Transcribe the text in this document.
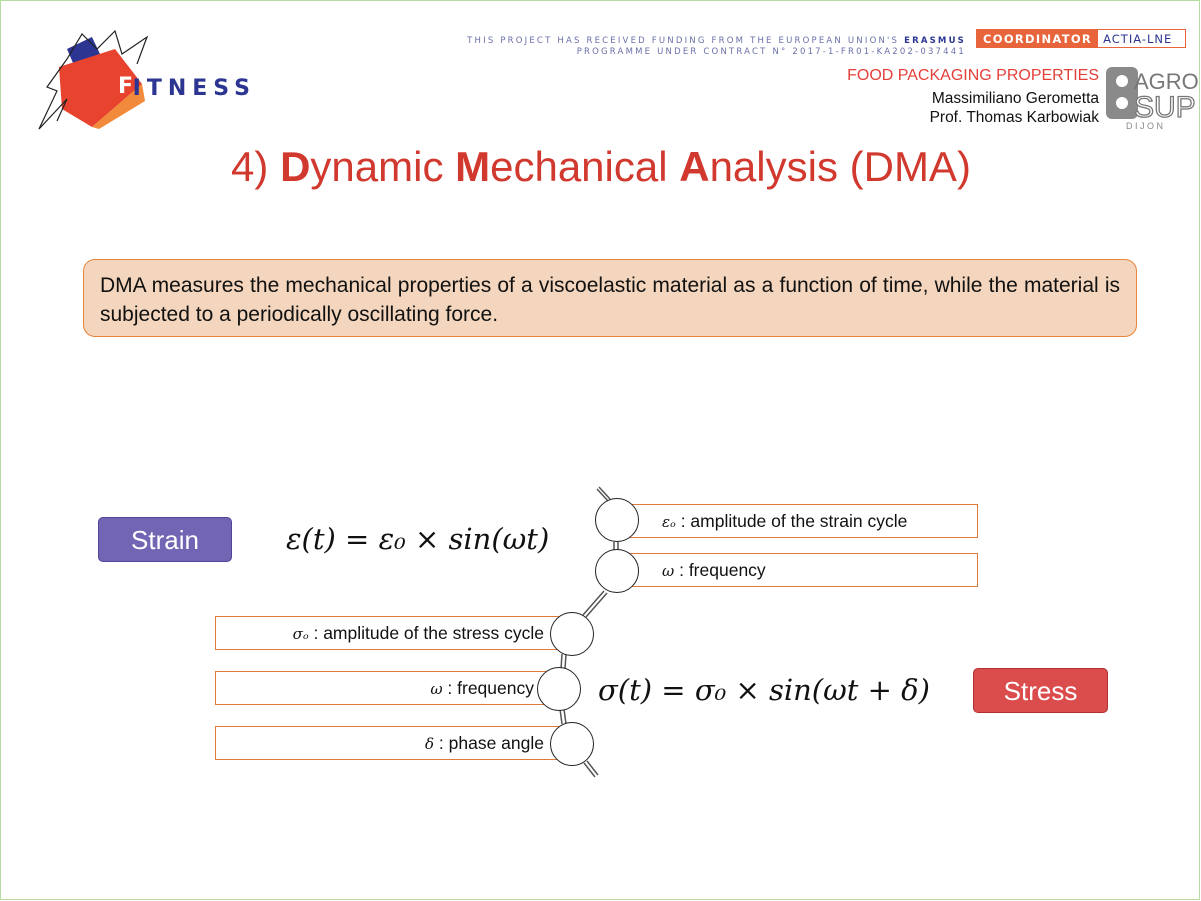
F ITNESS
THIS PROJECT HAS RECEIVED FUNDING FROM THE EUROPEAN UNION'S ERASMUS
PROGRAMME UNDER CONTRACT N° 2017-1-FR01-KA202-037441
COORDINATOR ACTIA-LNE
FOOD PACKAGING PROPERTIES
Massimiliano Gerometta
Prof. Thomas Karbowiak
AGRO
SUP
D I J O N
4) Dynamic Mechanical Analysis (DMA)
DMA measures the mechanical properties of a viscoelastic material as a function of time, while the material is subjected to a periodically oscillating force.
Strain	ε(t) = ε₀ × sin(ωt)	εₒ : amplitude of the strain cycle
ω : frequency
σₒ : amplitude of the stress cycle
ω : frequency
δ : phase angle
σ(t) = σ₀ × sin(ωt + δ)	Stress
